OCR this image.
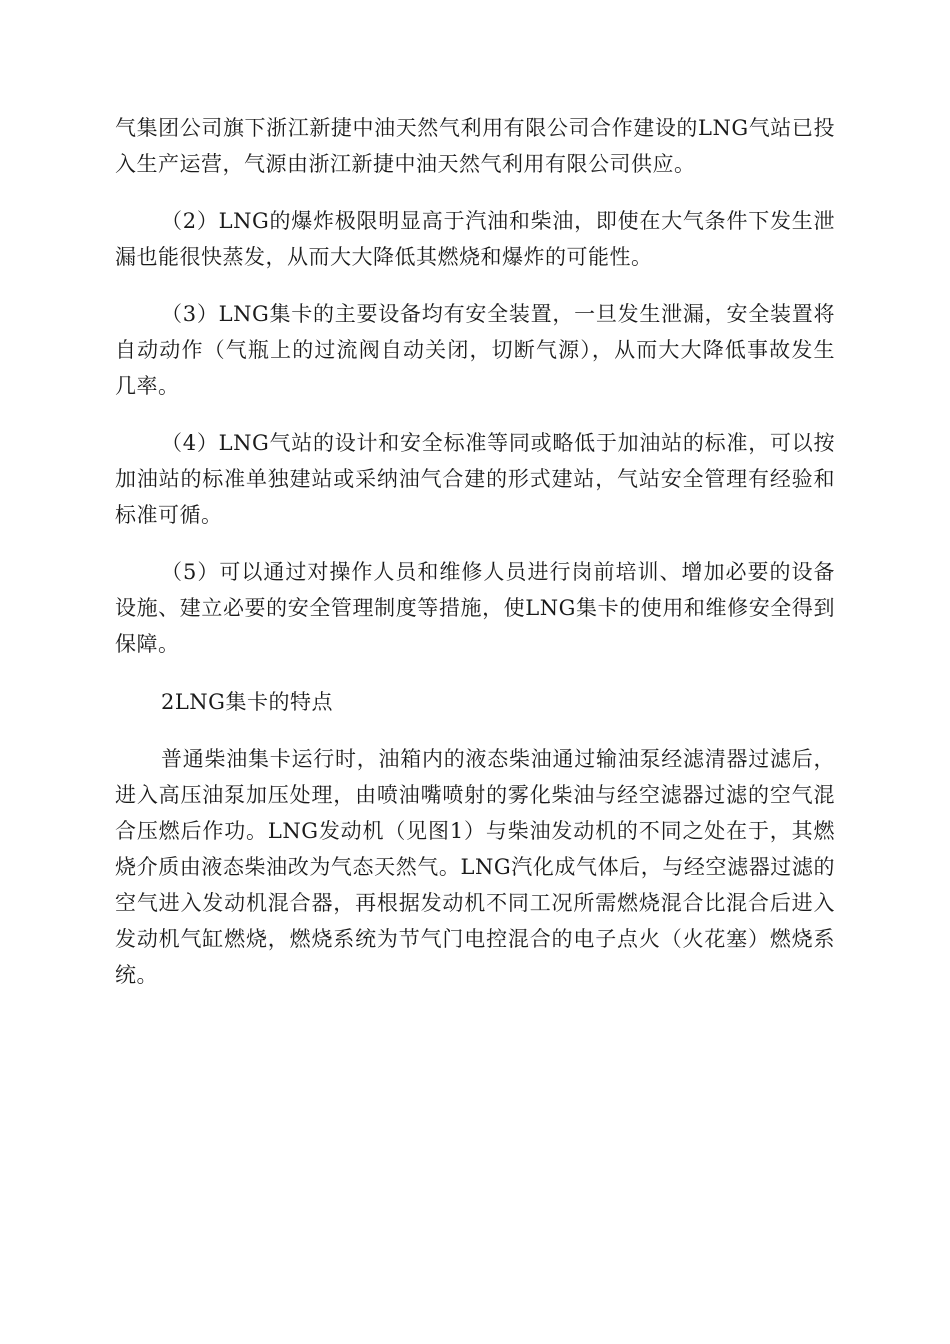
气集团公司旗下浙江新捷中油天然气利用有限公司合作建设的LNG气站已投入生产运营，气源由浙江新捷中油天然气利用有限公司供应。

（2）LNG的爆炸极限明显高于汽油和柴油，即使在大气条件下发生泄漏也能很快蒸发，从而大大降低其燃烧和爆炸的可能性。

（3）LNG集卡的主要设备均有安全装置，一旦发生泄漏，安全装置将自动动作（气瓶上的过流阀自动关闭，切断气源），从而大大降低事故发生几率。

（4）LNG气站的设计和安全标准等同或略低于加油站的标准，可以按加油站的标准单独建站或采纳油气合建的形式建站，气站安全管理有经验和标准可循。

（5）可以通过对操作人员和维修人员进行岗前培训、增加必要的设备设施、建立必要的安全管理制度等措施，使LNG集卡的使用和维修安全得到保障。

2LNG集卡的特点

普通柴油集卡运行时，油箱内的液态柴油通过输油泵经滤清器过滤后，进入高压油泵加压处理，由喷油嘴喷射的雾化柴油与经空滤器过滤的空气混合压燃后作功。LNG发动机（见图1）与柴油发动机的不同之处在于，其燃烧介质由液态柴油改为气态天然气。LNG汽化成气体后，与经空滤器过滤的空气进入发动机混合器，再根据发动机不同工况所需燃烧混合比混合后进入发动机气缸燃烧，燃烧系统为节气门电控混合的电子点火（火花塞）燃烧系统。
